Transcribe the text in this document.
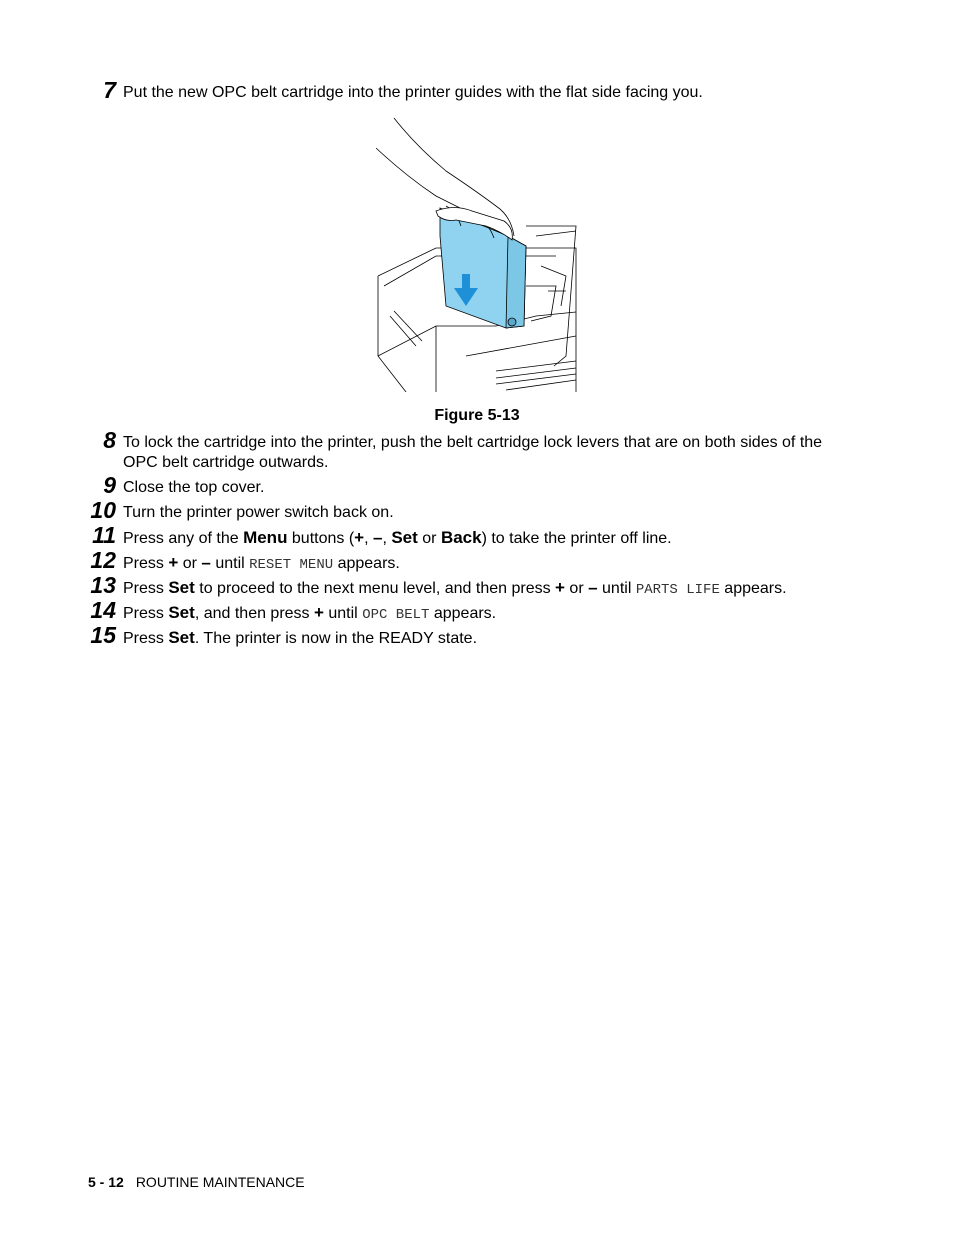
7 Put the new OPC belt cartridge into the printer guides with the flat side facing you.
Figure 5-13
8 To lock the cartridge into the printer, push the belt cartridge lock levers that are on both sides of the
OPC belt cartridge outwards.
9 Close the top cover.
10 Turn the printer power switch back on.
11 Press any of the Menu buttons (+, –, Set or Back) to take the printer off line.
12 Press + or – until RESET MENU appears.
13 Press Set to proceed to the next menu level, and then press + or – until PARTS LIFE appears.
14 Press Set, and then press + until OPC BELT appears.
15 Press Set. The printer is now in the READY state.
5 - 12 ROUTINE MAINTENANCE
